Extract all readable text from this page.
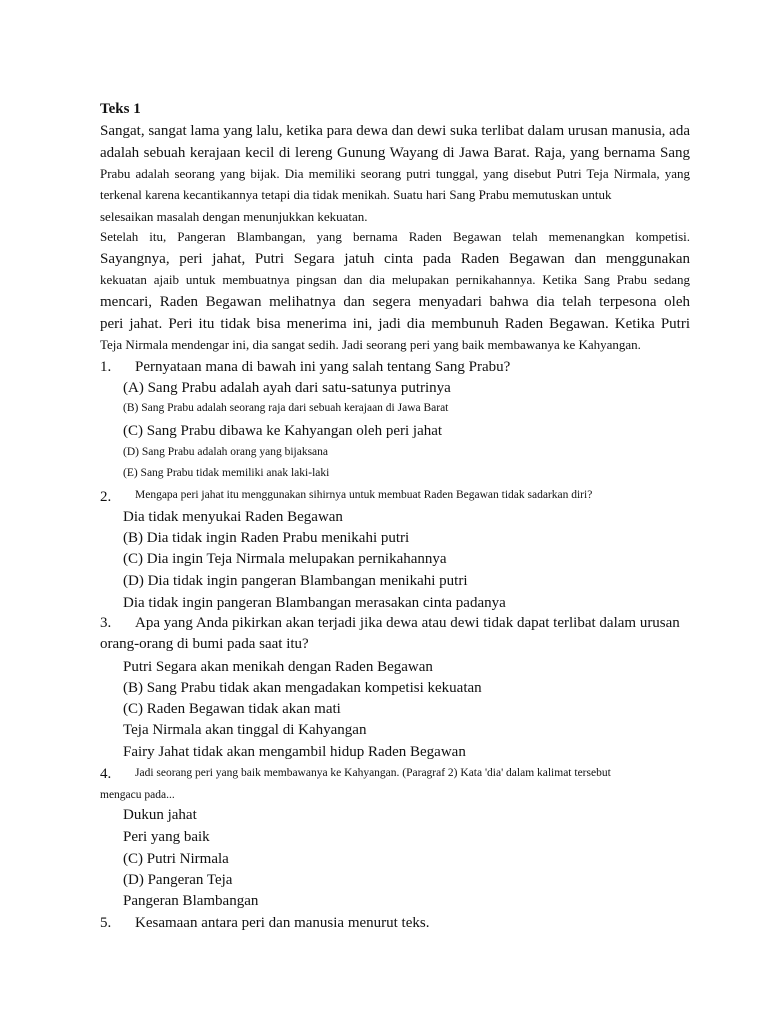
Teks 1
Sangat, sangat lama yang lalu, ketika para dewa dan dewi suka terlibat dalam urusan manusia, ada
adalah sebuah kerajaan kecil di lereng Gunung Wayang di Jawa Barat. Raja, yang bernama Sang
Prabu adalah seorang yang bijak. Dia memiliki seorang putri tunggal, yang disebut Putri Teja Nirmala, yang
terkenal karena kecantikannya tetapi dia tidak menikah. Suatu hari Sang Prabu memutuskan untuk
selesaikan masalah dengan menunjukkan kekuatan.
Setelah itu, Pangeran Blambangan, yang bernama Raden Begawan telah memenangkan kompetisi.
Sayangnya, peri jahat, Putri Segara jatuh cinta pada Raden Begawan dan menggunakan
kekuatan ajaib untuk membuatnya pingsan dan dia melupakan pernikahannya. Ketika Sang Prabu sedang
mencari, Raden Begawan melihatnya dan segera menyadari bahwa dia telah terpesona oleh
peri jahat. Peri itu tidak bisa menerima ini, jadi dia membunuh Raden Begawan. Ketika Putri
Teja Nirmala mendengar ini, dia sangat sedih. Jadi seorang peri yang baik membawanya ke Kahyangan.
1. Pernyataan mana di bawah ini yang salah tentang Sang Prabu?
(A) Sang Prabu adalah ayah dari satu-satunya putrinya
(B) Sang Prabu adalah seorang raja dari sebuah kerajaan di Jawa Barat
(C) Sang Prabu dibawa ke Kahyangan oleh peri jahat
(D) Sang Prabu adalah orang yang bijaksana
(E) Sang Prabu tidak memiliki anak laki-laki
2. Mengapa peri jahat itu menggunakan sihirnya untuk membuat Raden Begawan tidak sadarkan diri?
Dia tidak menyukai Raden Begawan
(B) Dia tidak ingin Raden Prabu menikahi putri
(C) Dia ingin Teja Nirmala melupakan pernikahannya
(D) Dia tidak ingin pangeran Blambangan menikahi putri
Dia tidak ingin pangeran Blambangan merasakan cinta padanya
3. Apa yang Anda pikirkan akan terjadi jika dewa atau dewi tidak dapat terlibat dalam urusan
orang-orang di bumi pada saat itu?
Putri Segara akan menikah dengan Raden Begawan
(B) Sang Prabu tidak akan mengadakan kompetisi kekuatan
(C) Raden Begawan tidak akan mati
Teja Nirmala akan tinggal di Kahyangan
Fairy Jahat tidak akan mengambil hidup Raden Begawan
4. Jadi seorang peri yang baik membawanya ke Kahyangan. (Paragraf 2) Kata 'dia' dalam kalimat tersebut
mengacu pada...
Dukun jahat
Peri yang baik
(C) Putri Nirmala
(D) Pangeran Teja
Pangeran Blambangan
5. Kesamaan antara peri dan manusia menurut teks.
